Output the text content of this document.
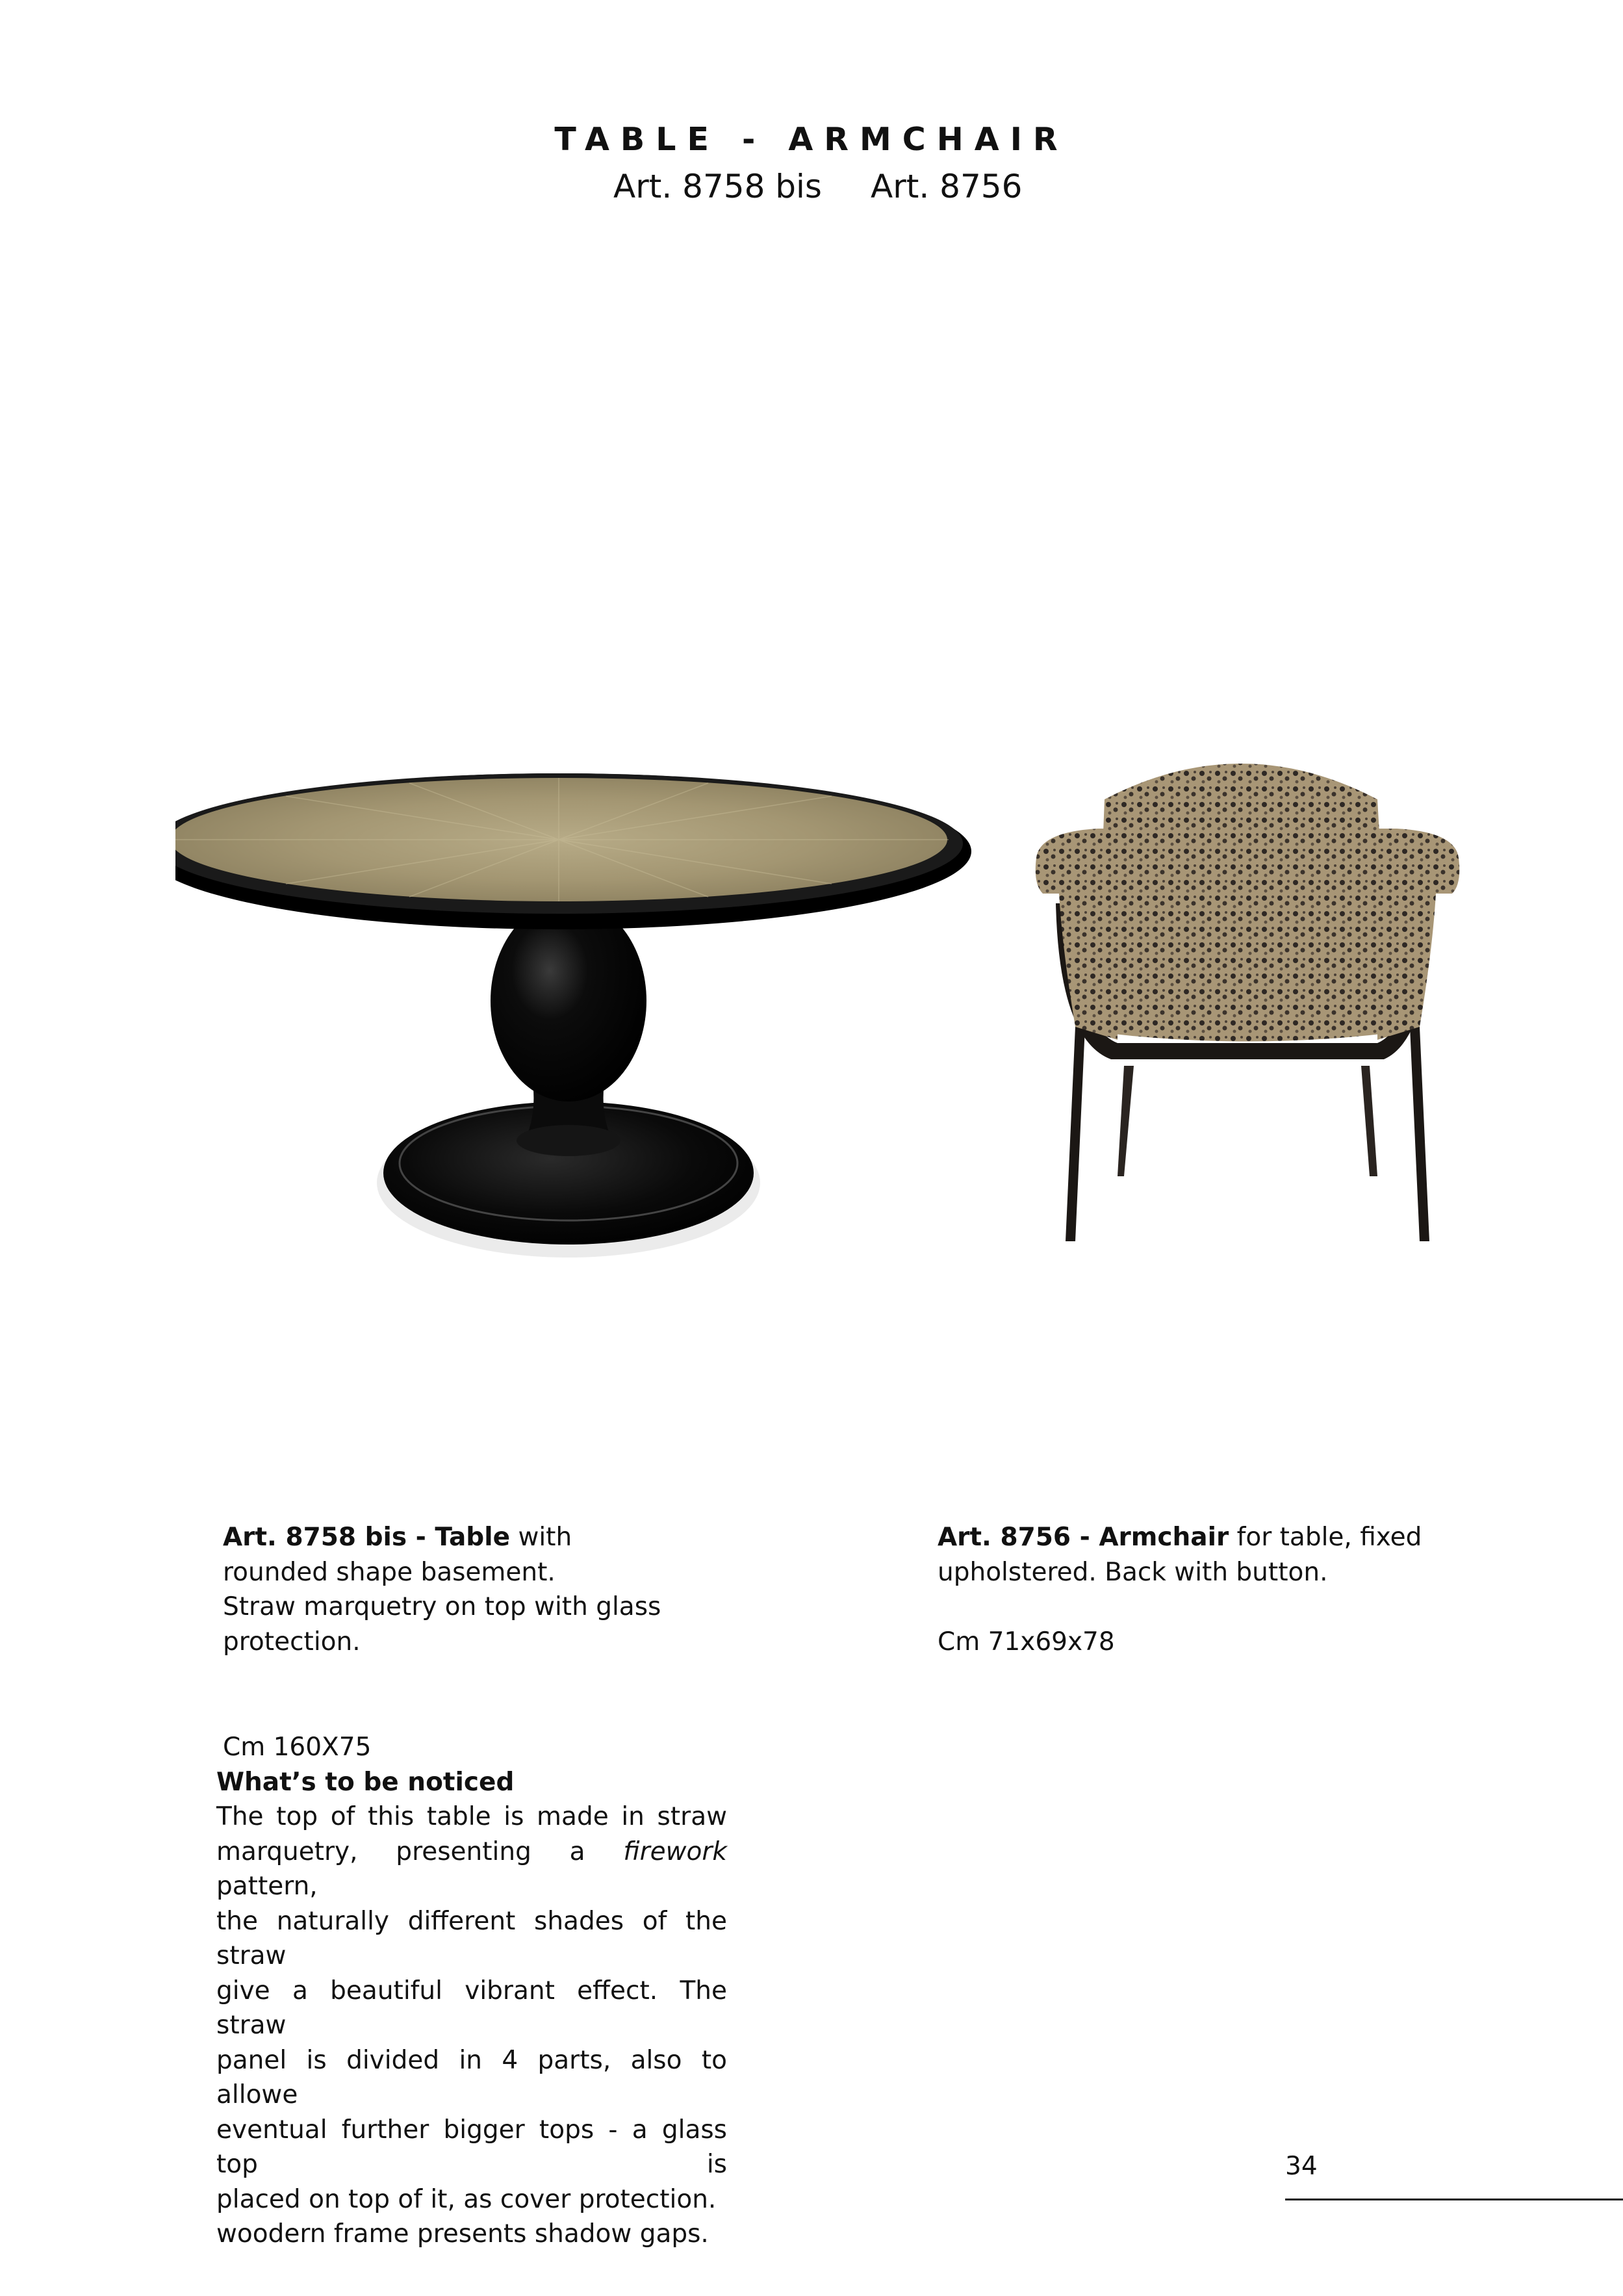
TABLE - ARMCHAIR
Art. 8758 bis Art. 8756

Art. 8758 bis - Table with

rounded shape basement.

Straw marquetry on top with glass

protection.

Art. 8756 - Armchair for table, fixed

upholstered. Back with button.

Cm 71x69x78

Cm 160X75
What’s to be noticed
The top of this table is made in straw
marquetry, presenting a firework pattern,
the naturally different shades of the straw
give a beautiful vibrant effect. The straw
panel is divided in 4 parts, also to allowe
eventual further bigger tops - a glass top is
placed on top of it, as cover protection.
woodern frame presents shadow gaps.
34
